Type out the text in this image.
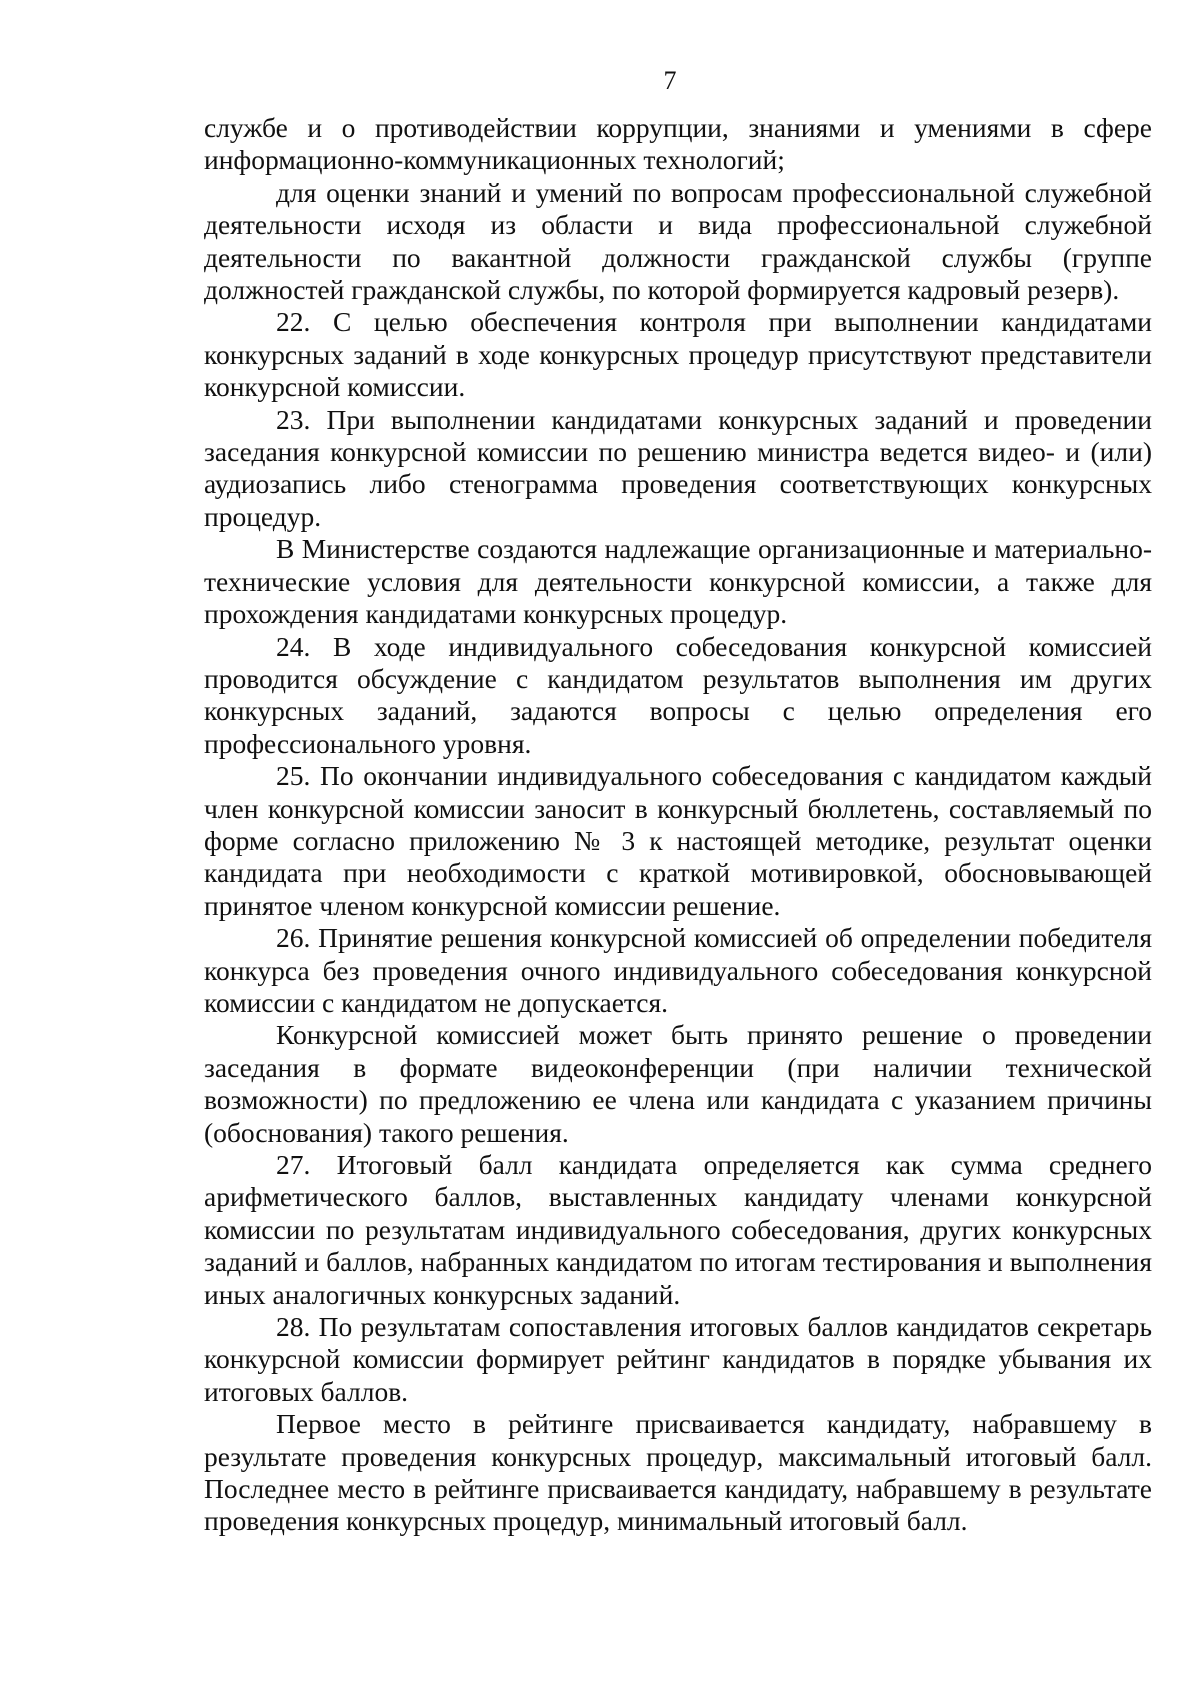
7

службе и о противодействии коррупции, знаниями и умениями в сфере информационно-коммуникационных технологий;

для оценки знаний и умений по вопросам профессиональной служебной деятельности исходя из области и вида профессиональной служебной деятельности по вакантной должности гражданской службы (группе должностей гражданской службы, по которой формируется кадровый резерв).

22. С целью обеспечения контроля при выполнении кандидатами конкурсных заданий в ходе конкурсных процедур присутствуют представители конкурсной комиссии.

23. При выполнении кандидатами конкурсных заданий и проведении заседания конкурсной комиссии по решению министра ведется видео- и (или) аудиозапись либо стенограмма проведения соответствующих конкурсных процедур.

В Министерстве создаются надлежащие организационные и материально-технические условия для деятельности конкурсной комиссии, а также для прохождения кандидатами конкурсных процедур.

24. В ходе индивидуального собеседования конкурсной комиссией проводится обсуждение с кандидатом результатов выполнения им других конкурсных заданий, задаются вопросы с целью определения его профессионального уровня.

25. По окончании индивидуального собеседования с кандидатом каждый член конкурсной комиссии заносит в конкурсный бюллетень, составляемый по форме согласно приложению № 3 к настоящей методике, результат оценки кандидата при необходимости с краткой мотивировкой, обосновывающей принятое членом конкурсной комиссии решение.

26. Принятие решения конкурсной комиссией об определении победителя конкурса без проведения очного индивидуального собеседования конкурсной комиссии с кандидатом не допускается.

Конкурсной комиссией может быть принято решение о проведении заседания в формате видеоконференции (при наличии технической возможности) по предложению ее члена или кандидата с указанием причины (обоснования) такого решения.

27. Итоговый балл кандидата определяется как сумма среднего арифметического баллов, выставленных кандидату членами конкурсной комиссии по результатам индивидуального собеседования, других конкурсных заданий и баллов, набранных кандидатом по итогам тестирования и выполнения иных аналогичных конкурсных заданий.

28. По результатам сопоставления итоговых баллов кандидатов секретарь конкурсной комиссии формирует рейтинг кандидатов в порядке убывания их итоговых баллов.

Первое место в рейтинге присваивается кандидату, набравшему в результате проведения конкурсных процедур, максимальный итоговый балл. Последнее место в рейтинге присваивается кандидату, набравшему в результате проведения конкурсных процедур, минимальный итоговый балл.
